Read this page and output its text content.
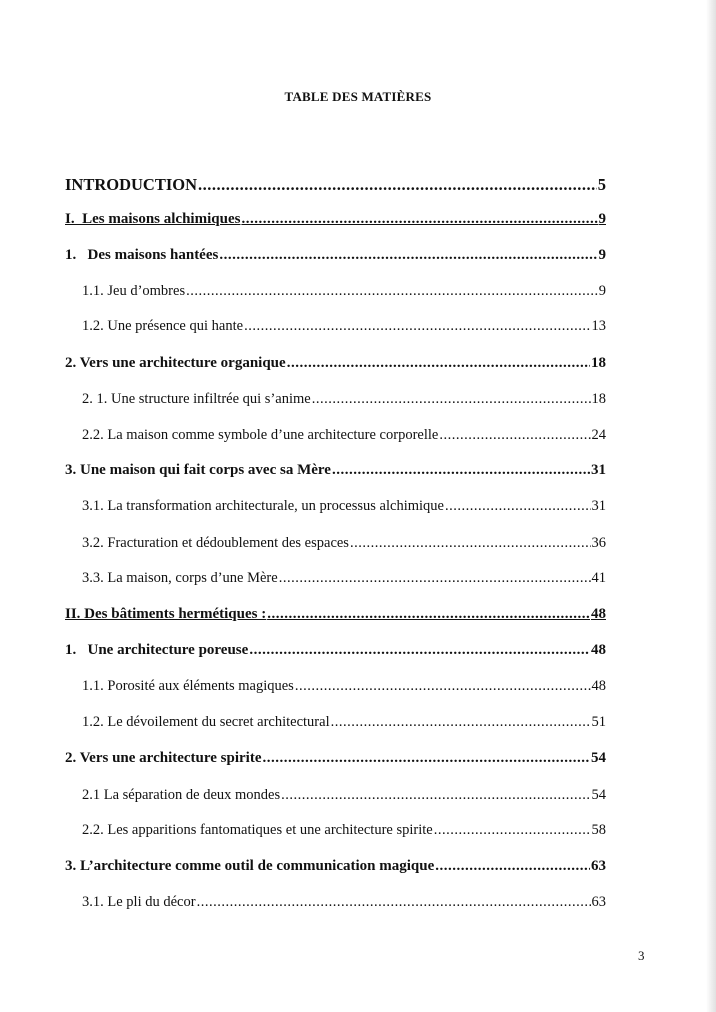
TABLE DES MATIÈRES
INTRODUCTION .....	5
I.  Les maisons alchimiques .....	9
1.   Des maisons hantées .....	9
1.1. Jeu d’ombres .....	9
1.2. Une présence qui hante .....	13
2. Vers une architecture organique .....	18
2. 1. Une structure infiltrée qui s’anime .....	18
2.2. La maison comme symbole d’une architecture corporelle .....	24
3. Une maison qui fait corps avec sa Mère .....	31
3.1. La transformation architecturale, un processus alchimique .....	31
3.2. Fracturation et dédoublement des espaces .....	36
3.3. La maison, corps d’une Mère .....	41
II. Des bâtiments hermétiques : .....	48
1.   Une architecture poreuse .....	48
1.1. Porosité aux éléments magiques .....	48
1.2. Le dévoilement du secret architectural .....	51
2. Vers une architecture spirite .....	54
2.1 La séparation de deux mondes .....	54
2.2. Les apparitions fantomatiques et une architecture spirite .....	58
3. L’architecture comme outil de communication magique .....	63
3.1. Le pli du décor .....	63
3
